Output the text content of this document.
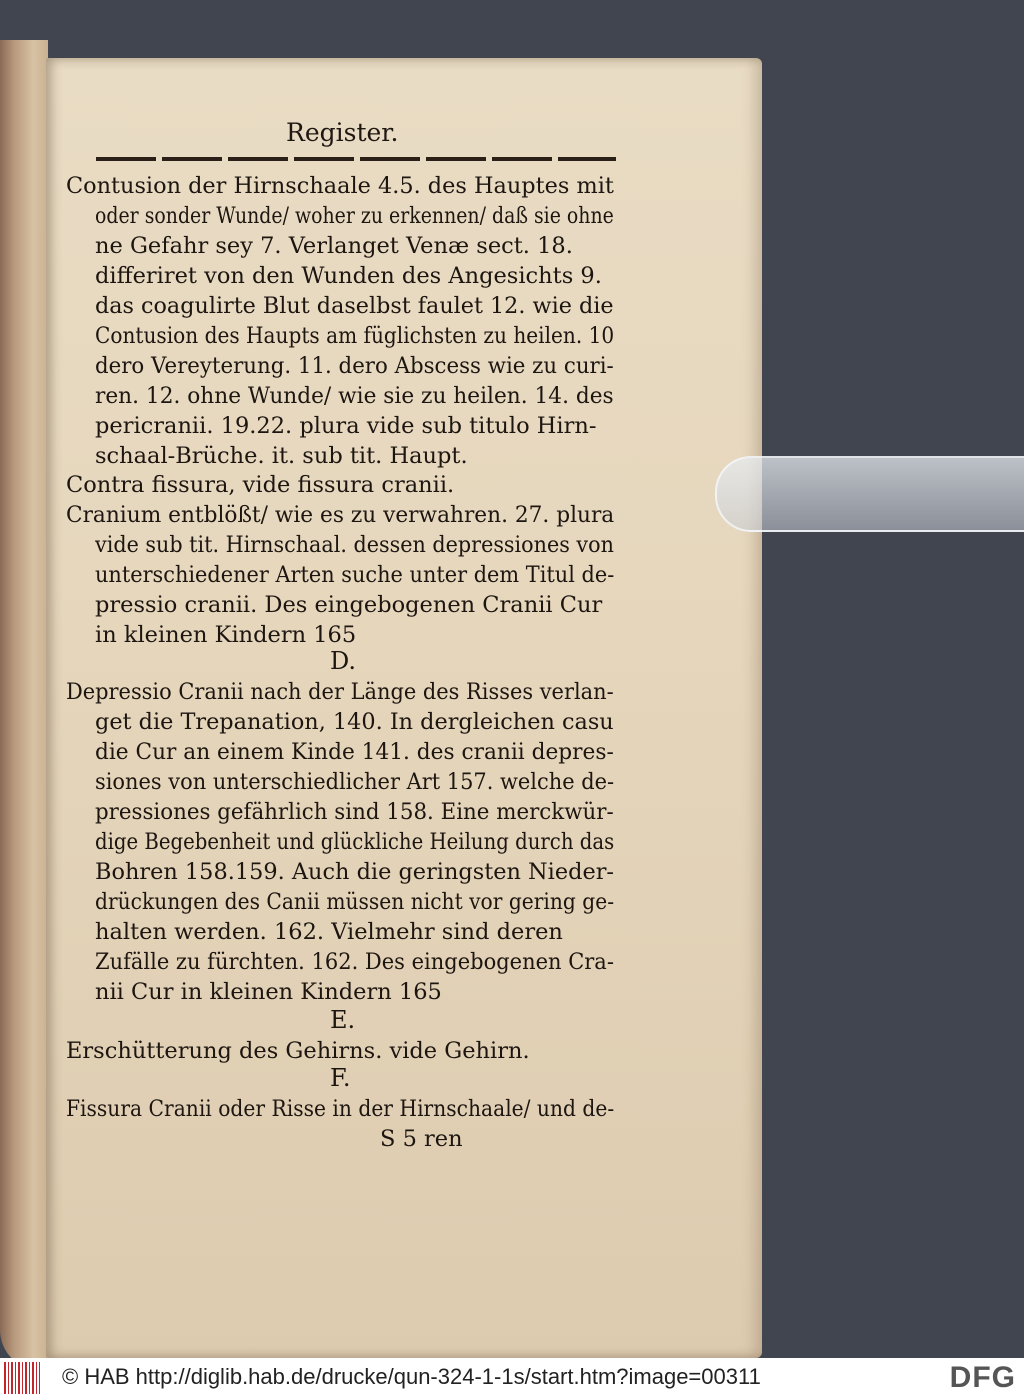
Register.
Contusion der Hirnschaale 4.5. des Hauptes mit
oder sonder Wunde/ woher zu erkennen/ daß sie ohne
ne Gefahr sey 7. Verlanget Venæ sect. 18.
differiret von den Wunden des Angesichts 9.
das coagulirte Blut daselbst faulet 12. wie die
Contusion des Haupts am füglichsten zu heilen. 10
dero Vereyterung. 11. dero Abscess wie zu curi-
ren. 12. ohne Wunde/ wie sie zu heilen. 14. des
pericranii. 19.22. plura vide sub titulo Hirn-
schaal-Brüche. it. sub tit. Haupt.
Contra fissura, vide fissura cranii.
Cranium entblößt/ wie es zu verwahren. 27. plura
vide sub tit. Hirnschaal. dessen depressiones von
unterschiedener Arten suche unter dem Titul de-
pressio cranii. Des eingebogenen Cranii Cur
in kleinen Kindern 165
D.
Depressio Cranii nach der Länge des Risses verlan-
get die Trepanation, 140. In dergleichen casu
die Cur an einem Kinde 141. des cranii depres-
siones von unterschiedlicher Art 157. welche de-
pressiones gefährlich sind 158. Eine merckwür-
dige Begebenheit und glückliche Heilung durch das
Bohren 158.159. Auch die geringsten Nieder-
drückungen des Canii müssen nicht vor gering ge-
halten werden. 162. Vielmehr sind deren
Zufälle zu fürchten. 162. Des eingebogenen Cra-
nii Cur in kleinen Kindern 165
E.
Erschütterung des Gehirns. vide Gehirn.
F.
Fissura Cranii oder Risse in der Hirnschaale/ und de-
S 5 ren
© HAB http://diglib.hab.de/drucke/qun-324-1-1s/start.htm?image=00311	DFG
